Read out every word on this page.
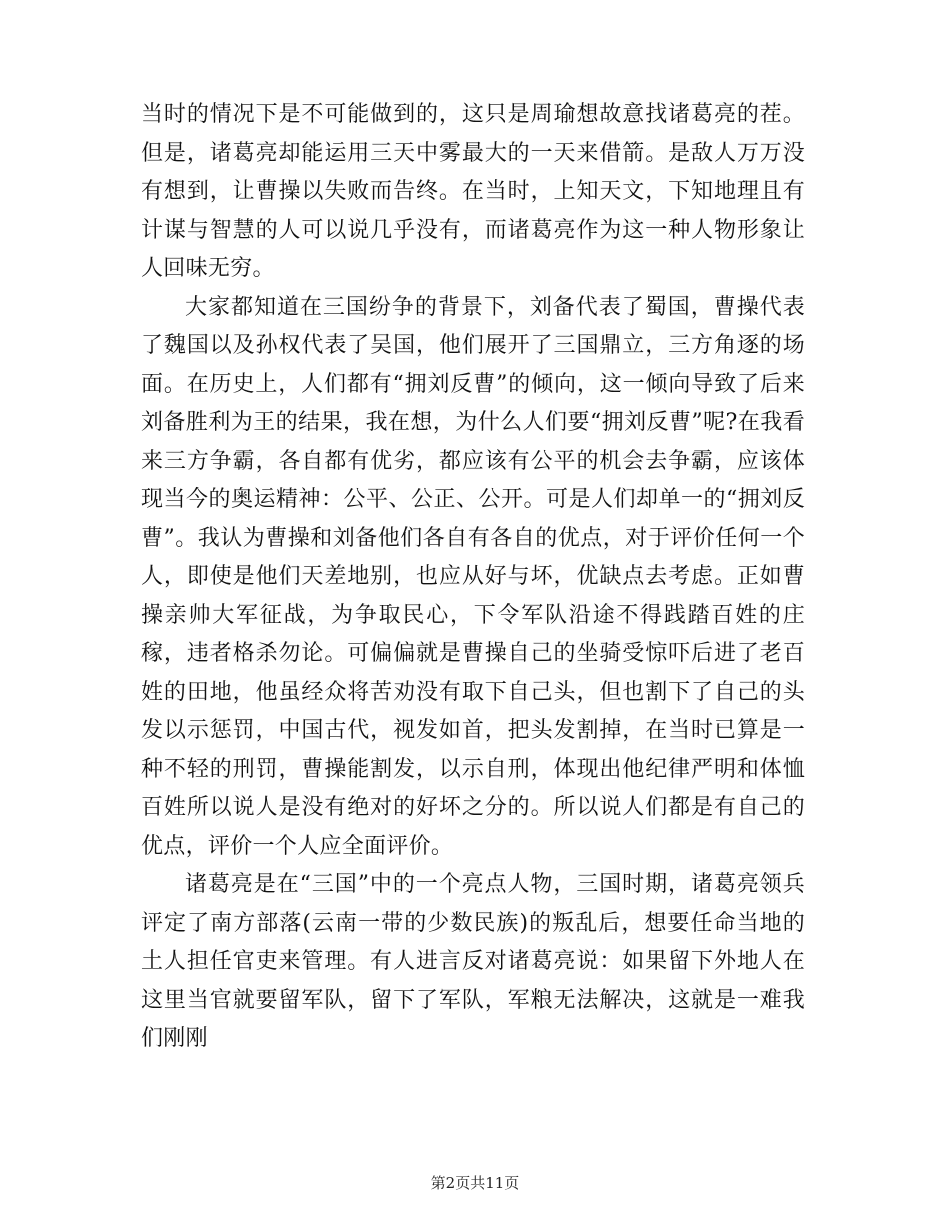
当时的情况下是不可能做到的，这只是周瑜想故意找诸葛亮的茬。但是，诸葛亮却能运用三天中雾最大的一天来借箭。是敌人万万没有想到，让曹操以失败而告终。在当时，上知天文，下知地理且有计谋与智慧的人可以说几乎没有，而诸葛亮作为这一种人物形象让人回味无穷。

大家都知道在三国纷争的背景下，刘备代表了蜀国，曹操代表了魏国以及孙权代表了吴国，他们展开了三国鼎立，三方角逐的场面。在历史上，人们都有“拥刘反曹”的倾向，这一倾向导致了后来刘备胜利为王的结果，我在想，为什么人们要“拥刘反曹”呢?在我看来三方争霸，各自都有优劣，都应该有公平的机会去争霸，应该体现当今的奥运精神：公平、公正、公开。可是人们却单一的“拥刘反曹”。我认为曹操和刘备他们各自有各自的优点，对于评价任何一个人，即使是他们天差地别，也应从好与坏，优缺点去考虑。正如曹操亲帅大军征战，为争取民心，下令军队沿途不得践踏百姓的庄稼，违者格杀勿论。可偏偏就是曹操自己的坐骑受惊吓后进了老百姓的田地，他虽经众将苦劝没有取下自己头，但也割下了自己的头发以示惩罚，中国古代，视发如首，把头发割掉，在当时已算是一种不轻的刑罚，曹操能割发，以示自刑，体现出他纪律严明和体恤百姓所以说人是没有绝对的好坏之分的。所以说人们都是有自己的优点，评价一个人应全面评价。

诸葛亮是在“三国”中的一个亮点人物，三国时期，诸葛亮领兵评定了南方部落(云南一带的少数民族)的叛乱后，想要任命当地的土人担任官吏来管理。有人进言反对诸葛亮说：如果留下外地人在这里当官就要留军队，留下了军队，军粮无法解决，这就是一难我们刚刚

第2页共11页
